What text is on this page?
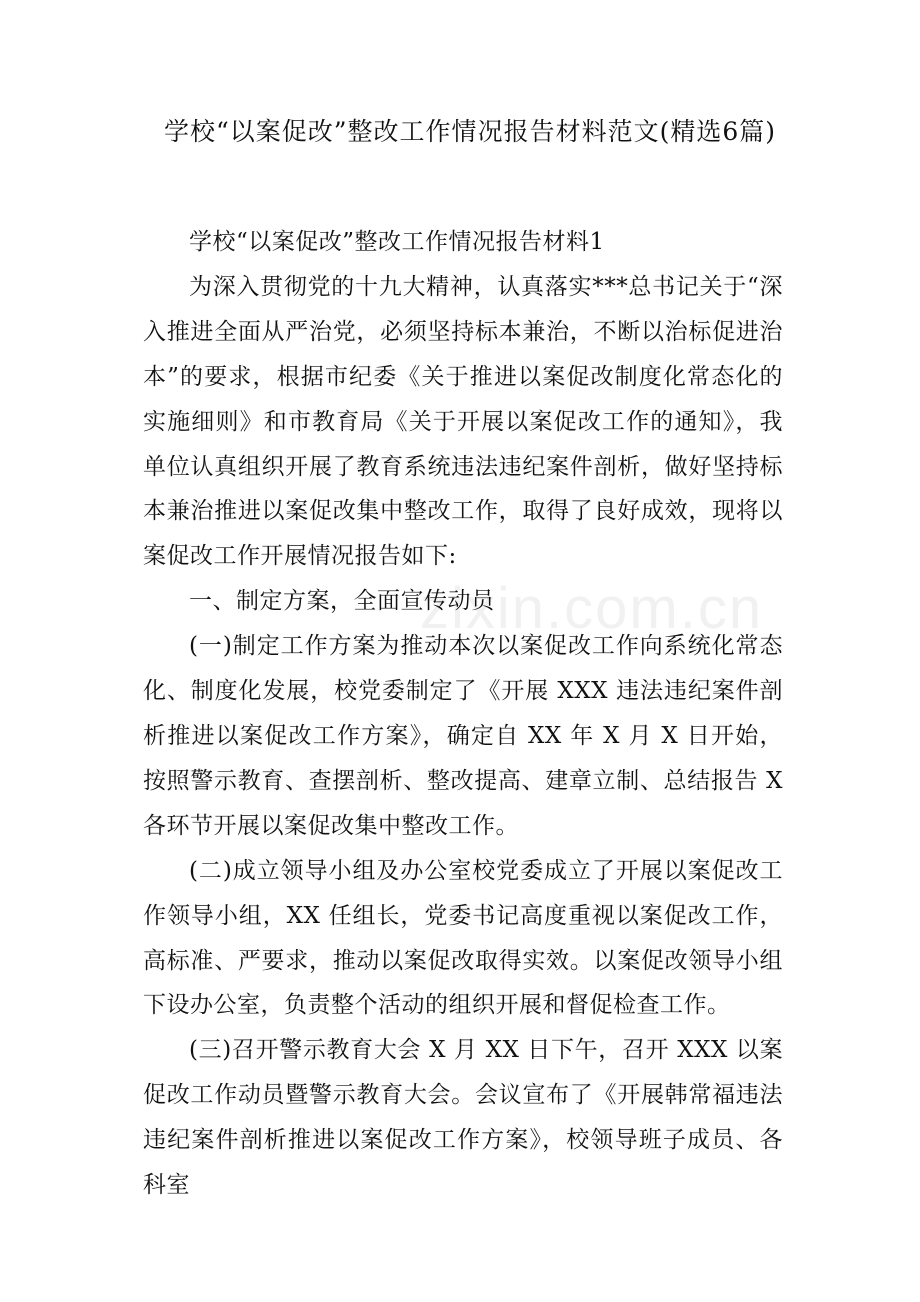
zixin.com.cn
学校“以案促改”整改工作情况报告材料范文(精选6篇)

学校“以案促改”整改工作情况报告材料1

为深入贯彻党的十九大精神，认真落实***总书记关于“深入推进全面从严治党，必须坚持标本兼治，不断以治标促进治本”的要求，根据市纪委《关于推进以案促改制度化常态化的实施细则》和市教育局《关于开展以案促改工作的通知》，我单位认真组织开展了教育系统违法违纪案件剖析，做好坚持标本兼治推进以案促改集中整改工作，取得了良好成效，现将以案促改工作开展情况报告如下:

一、制定方案，全面宣传动员

(一)制定工作方案为推动本次以案促改工作向系统化常态化、制度化发展，校党委制定了《开展 XXX 违法违纪案件剖析推进以案促改工作方案》，确定自 XX 年 X 月 X 日开始，按照警示教育、查摆剖析、整改提高、建章立制、总结报告 X 各环节开展以案促改集中整改工作。

(二)成立领导小组及办公室校党委成立了开展以案促改工作领导小组，XX 任组长，党委书记高度重视以案促改工作，高标准、严要求，推动以案促改取得实效。以案促改领导小组下设办公室，负责整个活动的组织开展和督促检查工作。

(三)召开警示教育大会 X 月 XX 日下午，召开 XXX 以案促改工作动员暨警示教育大会。会议宣布了《开展韩常福违法违纪案件剖析推进以案促改工作方案》，校领导班子成员、各科室
